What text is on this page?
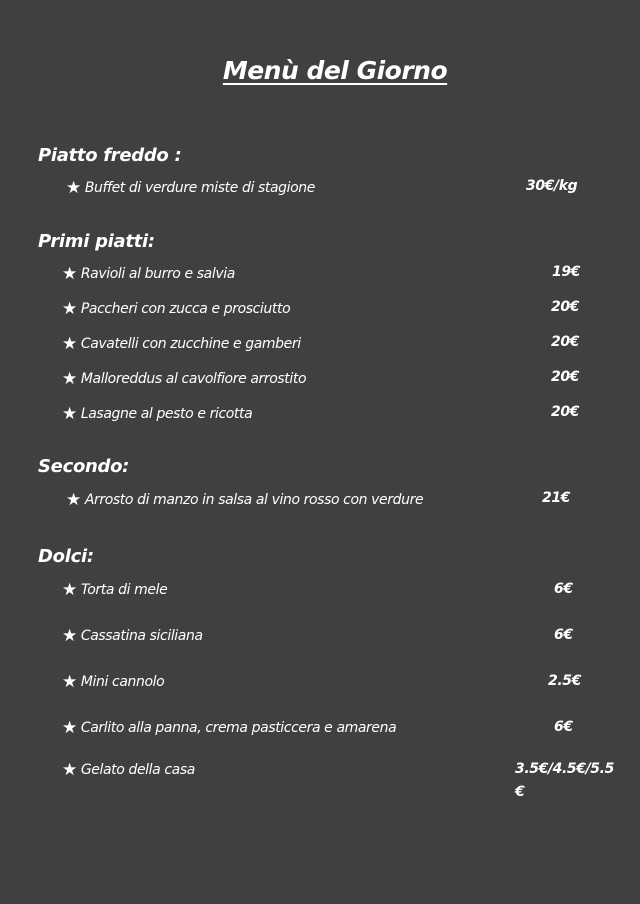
Menù del Giorno
Piatto freddo :
★ Buffet di verdure miste di stagione	30€/kg
Primi piatti:
★ Ravioli al burro e salvia	19€
★ Paccheri con zucca e prosciutto	20€
★ Cavatelli con zucchine e gamberi	20€
★ Malloreddus al cavolfiore arrostito	20€
★ Lasagne al pesto e ricotta	20€
Secondo:
★ Arrosto di manzo in salsa al vino rosso con verdure	21€
Dolci:
★ Torta di mele	6€
★ Cassatina siciliana	6€
★ Mini cannolo	2.5€
★ Carlito alla panna, crema pasticcera e amarena	6€
★ Gelato della casa	3.5€/4.5€/5.5 €
